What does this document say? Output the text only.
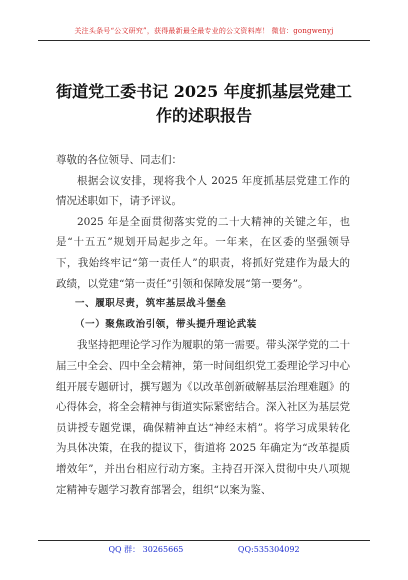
关注头条号“公文研究”，获得最新最全最专业的公文资料库！ 微信：gongwenyj
街道党工委书记 2025 年度抓基层党建工
作的述职报告

尊敬的各位领导、同志们：

根据会议安排，现将我个人 2025 年度抓基层党建工作的情况述职如下，请予评议。

2025 年是全面贯彻落实党的二十大精神的关键之年，也是“十五五”规划开局起步之年。一年来，在区委的坚强领导下，我始终牢记“第一责任人”的职责，将抓好党建作为最大的政绩，以党建“第一责任”引领和保障发展“第一要务”。

一、履职尽责，筑牢基层战斗堡垒

（一）聚焦政治引领，带头提升理论武装

我坚持把理论学习作为履职的第一需要。带头深学党的二十届三中全会、四中全会精神，第一时间组织党工委理论学习中心组开展专题研讨，撰写题为《以改革创新破解基层治理难题》的心得体会，将全会精神与街道实际紧密结合。深入社区为基层党员讲授专题党课，确保精神直达“神经末梢”。将学习成果转化为具体决策，在我的提议下，街道将 2025 年确定为“改革提质增效年”，并出台相应行动方案。主持召开深入贯彻中央八项规定精神专题学习教育部署会，组织“以案为鉴、

QQ 群： 30265665	QQ:535304092
